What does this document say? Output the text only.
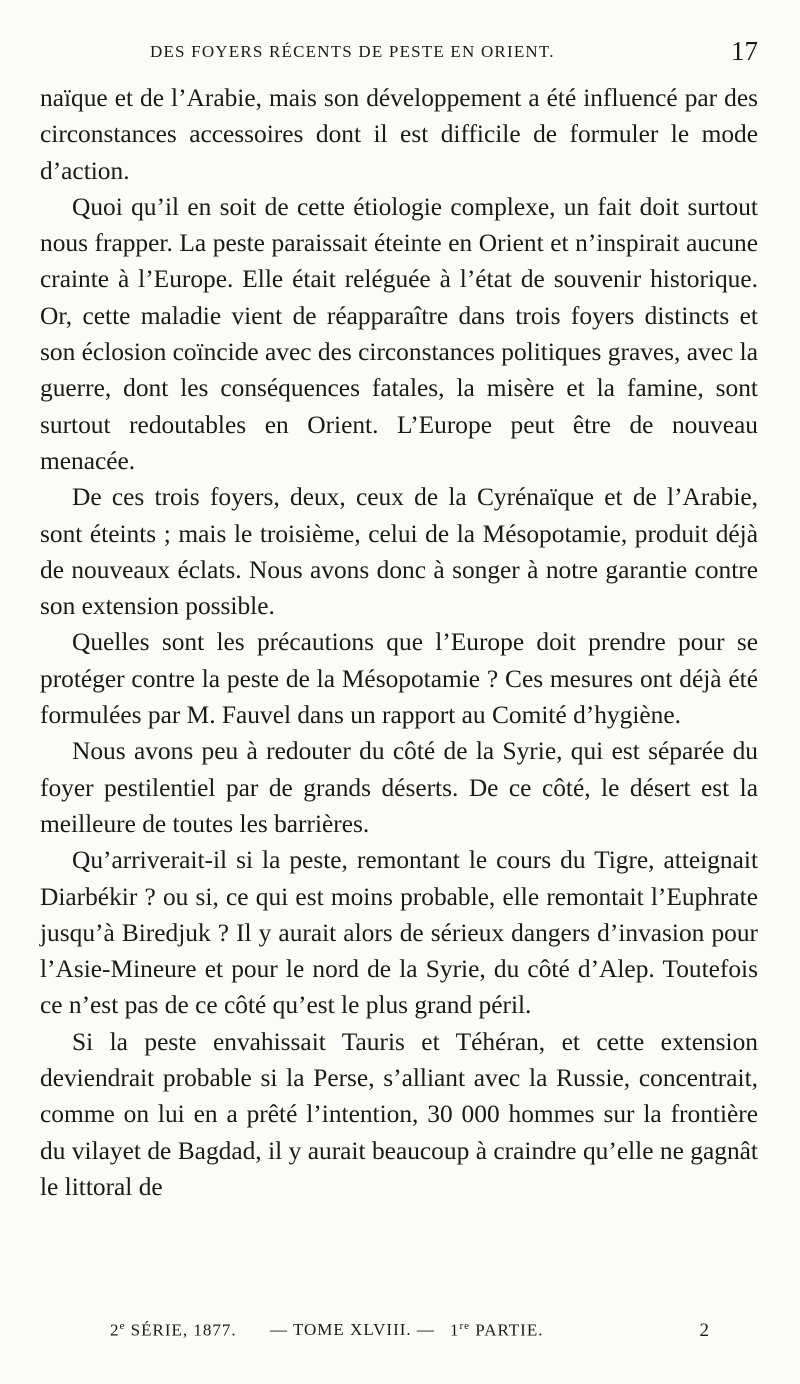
DES FOYERS RÉCENTS DE PESTE EN ORIENT.	17

naïque et de l’Arabie, mais son développement a été influencé par des circonstances accessoires dont il est difficile de formuler le mode d’action.

Quoi qu’il en soit de cette étiologie complexe, un fait doit surtout nous frapper. La peste paraissait éteinte en Orient et n’inspirait aucune crainte à l’Europe. Elle était reléguée à l’état de souvenir historique. Or, cette maladie vient de réapparaître dans trois foyers distincts et son éclosion coïncide avec des circonstances politiques graves, avec la guerre, dont les conséquences fatales, la misère et la famine, sont surtout redoutables en Orient. L’Europe peut être de nouveau menacée.

De ces trois foyers, deux, ceux de la Cyrénaïque et de l’Arabie, sont éteints ; mais le troisième, celui de la Mésopotamie, produit déjà de nouveaux éclats. Nous avons donc à songer à notre garantie contre son extension possible.

Quelles sont les précautions que l’Europe doit prendre pour se protéger contre la peste de la Mésopotamie ? Ces mesures ont déjà été formulées par M. Fauvel dans un rapport au Comité d’hygiène.

Nous avons peu à redouter du côté de la Syrie, qui est séparée du foyer pestilentiel par de grands déserts. De ce côté, le désert est la meilleure de toutes les barrières.

Qu’arriverait-il si la peste, remontant le cours du Tigre, atteignait Diarbékir ? ou si, ce qui est moins probable, elle remontait l’Euphrate jusqu’à Biredjuk ? Il y aurait alors de sérieux dangers d’invasion pour l’Asie-Mineure et pour le nord de la Syrie, du côté d’Alep. Toutefois ce n’est pas de ce côté qu’est le plus grand péril.

Si la peste envahissait Tauris et Téhéran, et cette extension deviendrait probable si la Perse, s’alliant avec la Russie, concentrait, comme on lui en a prêté l’intention, 30 000 hommes sur la frontière du vilayet de Bagdad, il y aurait beaucoup à craindre qu’elle ne gagnât le littoral de

2e SÉRIE, 1877. — TOME XLVIII. — 1re PARTIE.	2
